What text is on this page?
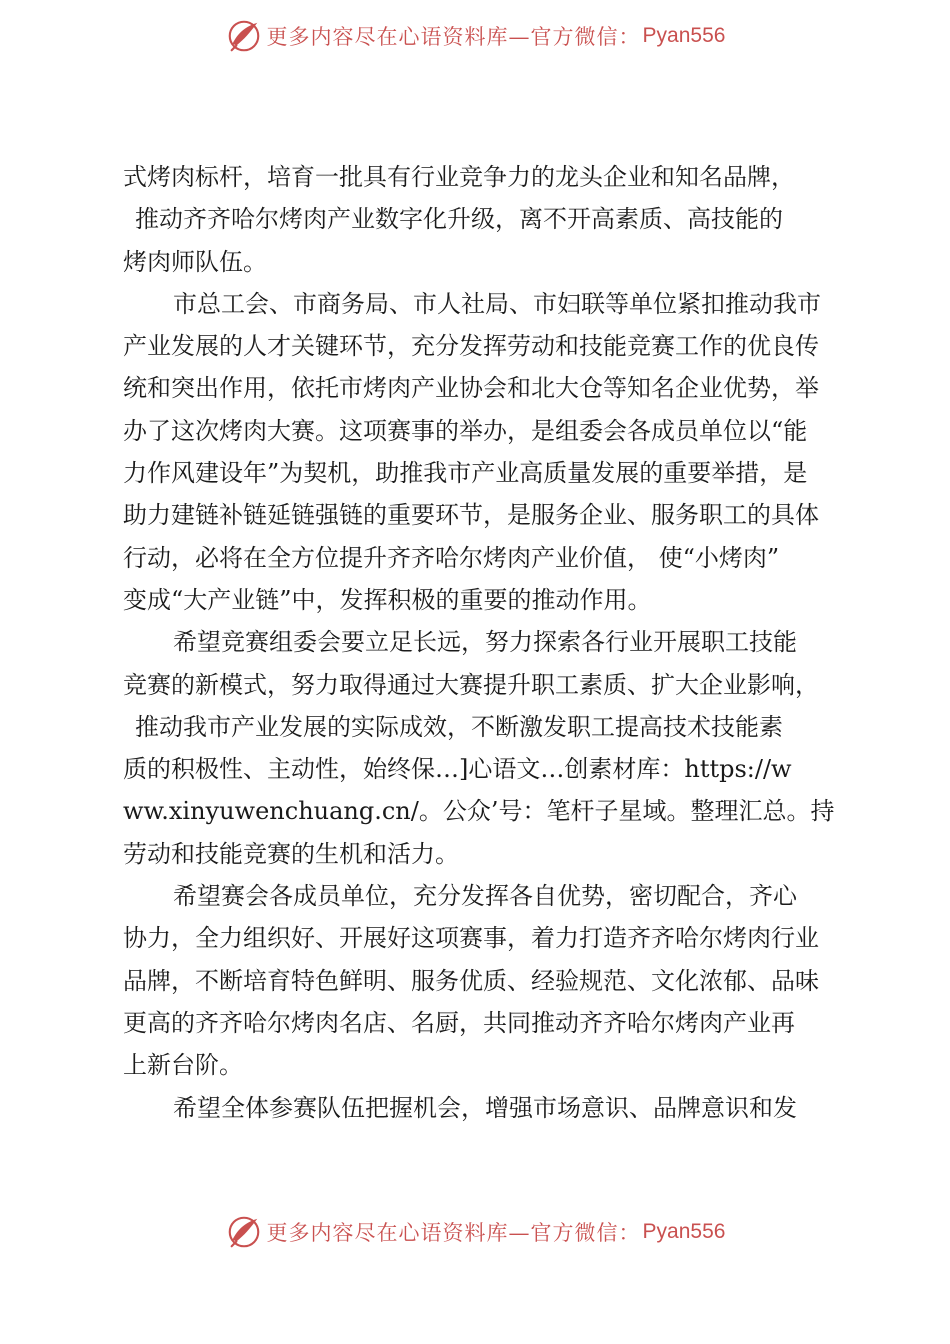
更多内容尽在心语资料库—官方微信： Pyan556
式烤肉标杆，培育一批具有行业竞争力的龙头企业和知名品牌，
推动齐齐哈尔烤肉产业数字化升级，离不开高素质、高技能的
烤肉师队伍。
市总工会、市商务局、市人社局、市妇联等单位紧扣推动我市
产业发展的人才关键环节，充分发挥劳动和技能竞赛工作的优良传
统和突出作用，依托市烤肉产业协会和北大仓等知名企业优势，举
办了这次烤肉大赛。这项赛事的举办，是组委会各成员单位以“能
力作风建设年”为契机，助推我市产业高质量发展的重要举措，是
助力建链补链延链强链的重要环节，是服务企业、服务职工的具体
行动，必将在全方位提升齐齐哈尔烤肉产业价值， 使“小烤肉”
变成“大产业链”中，发挥积极的重要的推动作用。
希望竞赛组委会要立足长远，努力探索各行业开展职工技能
竞赛的新模式，努力取得通过大赛提升职工素质、扩大企业影响，
推动我市产业发展的实际成效，不断激发职工提高技术技能素
质的积极性、主动性，始终保…]心语文…创素材库：https://w
ww.xinyuwenchuang.cn/。公众’号：笔杆子星域。整理汇总。持
劳动和技能竞赛的生机和活力。
希望赛会各成员单位，充分发挥各自优势，密切配合，齐心
协力，全力组织好、开展好这项赛事，着力打造齐齐哈尔烤肉行业
品牌，不断培育特色鲜明、服务优质、经验规范、文化浓郁、品味
更高的齐齐哈尔烤肉名店、名厨，共同推动齐齐哈尔烤肉产业再
上新台阶。
希望全体参赛队伍把握机会，增强市场意识、品牌意识和发
更多内容尽在心语资料库—官方微信： Pyan556
